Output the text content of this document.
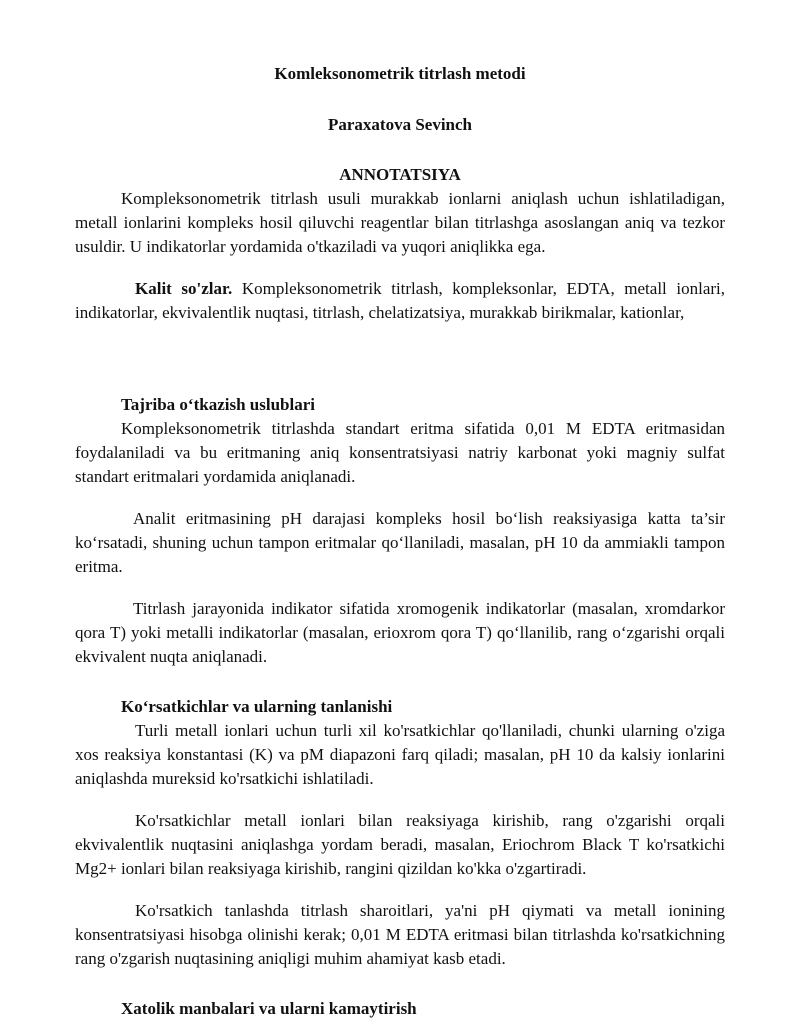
Komleksonometrik titrlash metodi

Paraxatova Sevinch

ANNOTATSIYA

Kompleksonometrik titrlash usuli murakkab ionlarni aniqlash uchun ishlatiladigan, metall ionlarini kompleks hosil qiluvchi reagentlar bilan titrlashga asoslangan aniq va tezkor usuldir. U indikatorlar yordamida o'tkaziladi va yuqori aniqlikka ega.

Kalit so'zlar. Kompleksonometrik titrlash, kompleksonlar, EDTA, metall ionlari, indikatorlar, ekvivalentlik nuqtasi, titrlash, chelatizatsiya, murakkab birikmalar, kationlar,

Tajriba o‘tkazish uslublari

Kompleksonometrik titrlashda standart eritma sifatida 0,01 M EDTA eritmasidan foydalaniladi va bu eritmaning aniq konsentratsiyasi natriy karbonat yoki magniy sulfat standart eritmalari yordamida aniqlanadi.

Analit eritmasining pH darajasi kompleks hosil bo‘lish reaksiyasiga katta ta’sir ko‘rsatadi, shuning uchun tampon eritmalar qo‘llaniladi, masalan, pH 10 da ammiakli tampon eritma.

Titrlash jarayonida indikator sifatida xromogenik indikatorlar (masalan, xromdarkor qora T) yoki metalli indikatorlar (masalan, erioxrom qora T) qo‘llanilib, rang o‘zgarishi orqali ekvivalent nuqta aniqlanadi.

Ko‘rsatkichlar va ularning tanlanishi

Turli metall ionlari uchun turli xil ko'rsatkichlar qo'llaniladi, chunki ularning o'ziga xos reaksiya konstantasi (K) va pM diapazoni farq qiladi; masalan, pH 10 da kalsiy ionlarini aniqlashda mureksid ko'rsatkichi ishlatiladi.

Ko'rsatkichlar metall ionlari bilan reaksiyaga kirishib, rang o'zgarishi orqali ekvivalentlik nuqtasini aniqlashga yordam beradi, masalan, Eriochrom Black T ko'rsatkichi Mg2+ ionlari bilan reaksiyaga kirishib, rangini qizildan ko'kka o'zgartiradi.

Ko'rsatkich tanlashda titrlash sharoitlari, ya'ni pH qiymati va metall ionining konsentratsiyasi hisobga olinishi kerak; 0,01 M EDTA eritmasi bilan titrlashda ko'rsatkichning rang o'zgarish nuqtasining aniqligi muhim ahamiyat kasb etadi.

Xatolik manbalari va ularni kamaytirish
